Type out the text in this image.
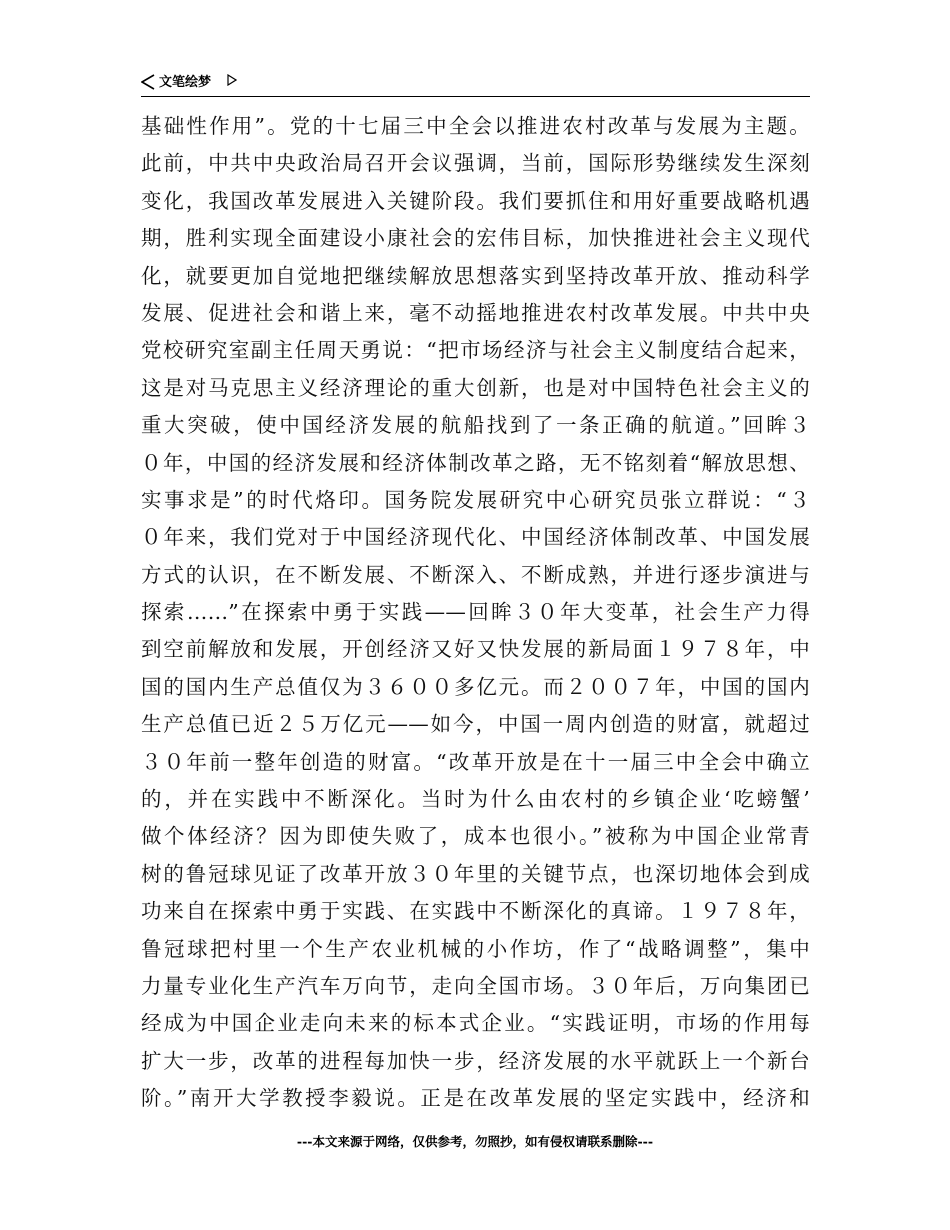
文笔绘梦
基础性作用”。党的十七届三中全会以推进农村改革与发展为主题。
此前，中共中央政治局召开会议强调，当前，国际形势继续发生深刻
变化，我国改革发展进入关键阶段。我们要抓住和用好重要战略机遇
期，胜利实现全面建设小康社会的宏伟目标，加快推进社会主义现代
化，就要更加自觉地把继续解放思想落实到坚持改革开放、推动科学
发展、促进社会和谐上来，毫不动摇地推进农村改革发展。中共中央
党校研究室副主任周天勇说：“把市场经济与社会主义制度结合起来，
这是对马克思主义经济理论的重大创新，也是对中国特色社会主义的
重大突破，使中国经济发展的航船找到了一条正确的航道。”回眸３
０年，中国的经济发展和经济体制改革之路，无不铭刻着“解放思想、
实事求是”的时代烙印。国务院发展研究中心研究员张立群说：“３
０年来，我们党对于中国经济现代化、中国经济体制改革、中国发展
方式的认识，在不断发展、不断深入、不断成熟，并进行逐步演进与
探索……”在探索中勇于实践——回眸３０年大变革，社会生产力得
到空前解放和发展，开创经济又好又快发展的新局面１９７８年，中
国的国内生产总值仅为３６００多亿元。而２００７年，中国的国内
生产总值已近２５万亿元——如今，中国一周内创造的财富，就超过
３０年前一整年创造的财富。“改革开放是在十一届三中全会中确立
的，并在实践中不断深化。当时为什么由农村的乡镇企业‘吃螃蟹’
做个体经济？因为即使失败了，成本也很小。”被称为中国企业常青
树的鲁冠球见证了改革开放３０年里的关键节点，也深切地体会到成
功来自在探索中勇于实践、在实践中不断深化的真谛。１９７８年，
鲁冠球把村里一个生产农业机械的小作坊，作了“战略调整”，集中
力量专业化生产汽车万向节，走向全国市场。３０年后，万向集团已
经成为中国企业走向未来的标本式企业。“实践证明，市场的作用每
扩大一步，改革的进程每加快一步，经济发展的水平就跃上一个新台
阶。”南开大学教授李毅说。正是在改革发展的坚定实践中，经济和
---本文来源于网络，仅供参考，勿照抄，如有侵权请联系删除---
